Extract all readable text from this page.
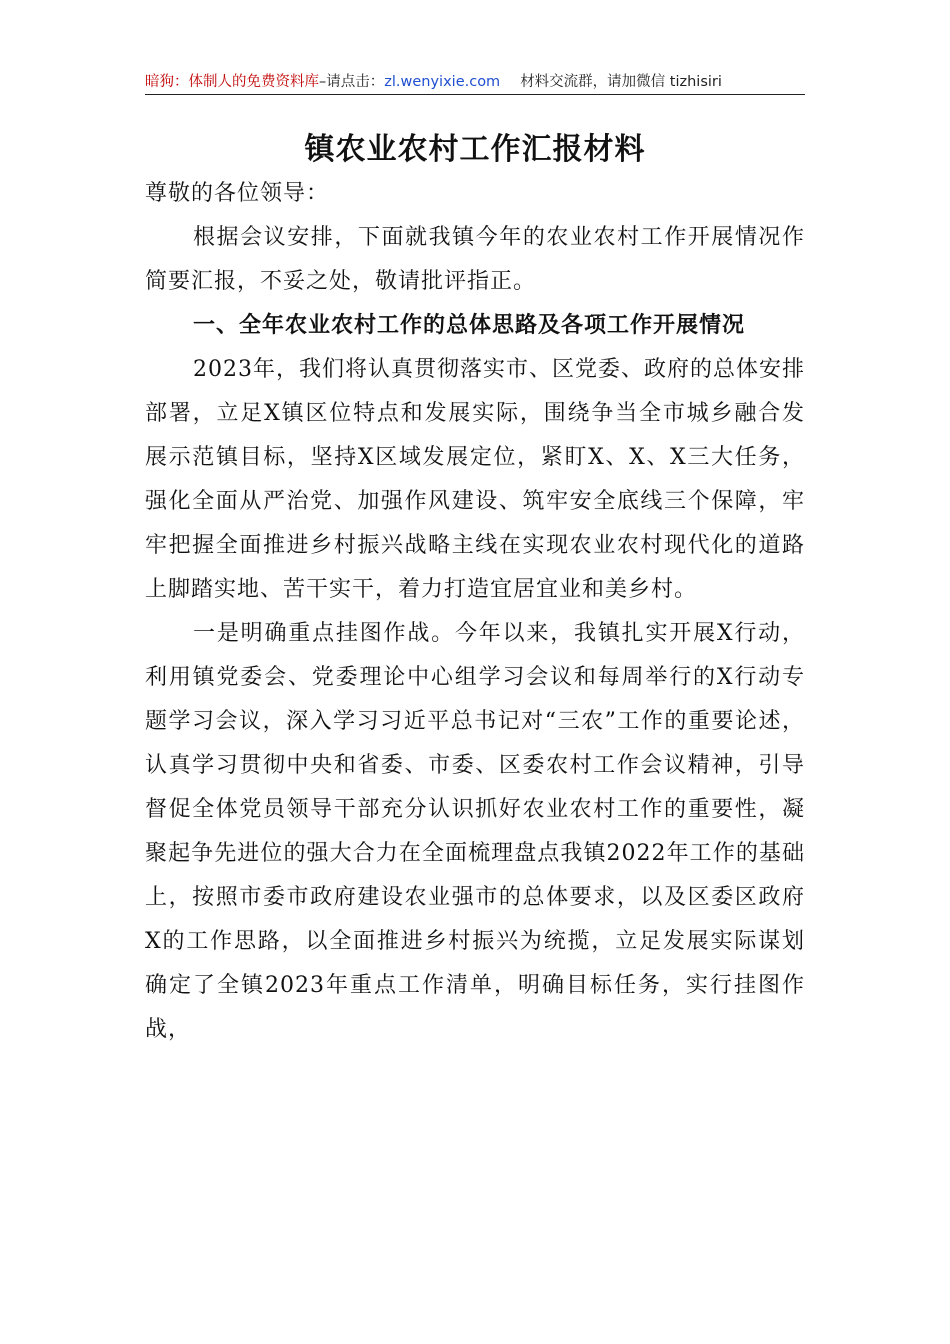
暗狗：体制人的免费资料库–请点击：zl.wenyixie.com 材料交流群，请加微信 tizhisiri
镇农业农村工作汇报材料

尊敬的各位领导：

根据会议安排，下面就我镇今年的农业农村工作开展情况作简要汇报，不妥之处，敬请批评指正。

一、全年农业农村工作的总体思路及各项工作开展情况

2023年，我们将认真贯彻落实市、区党委、政府的总体安排部署，立足X镇区位特点和发展实际，围绕争当全市城乡融合发展示范镇目标，坚持X区域发展定位，紧盯X、X、X三大任务，强化全面从严治党、加强作风建设、筑牢安全底线三个保障，牢牢把握全面推进乡村振兴战略主线在实现农业农村现代化的道路上脚踏实地、苦干实干，着力打造宜居宜业和美乡村。

一是明确重点挂图作战。今年以来，我镇扎实开展X行动，利用镇党委会、党委理论中心组学习会议和每周举行的X行动专题学习会议，深入学习习近平总书记对“三农”工作的重要论述，认真学习贯彻中央和省委、市委、区委农村工作会议精神，引导督促全体党员领导干部充分认识抓好农业农村工作的重要性，凝聚起争先进位的强大合力在全面梳理盘点我镇2022年工作的基础上，按照市委市政府建设农业强市的总体要求，以及区委区政府X的工作思路，以全面推进乡村振兴为统揽，立足发展实际谋划确定了全镇2023年重点工作清单，明确目标任务，实行挂图作战，
